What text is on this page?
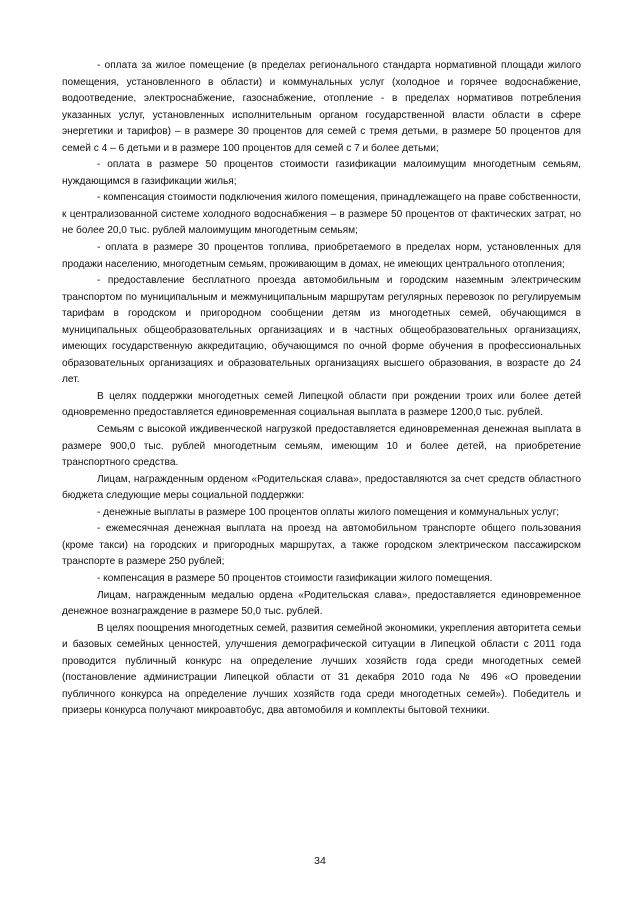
- оплата за жилое помещение (в пределах регионального стандарта нормативной площади жилого помещения, установленного в области) и коммунальных услуг (холодное и горячее водоснабжение, водоотведение, электроснабжение, газоснабжение, отопление - в пределах нормативов потребления указанных услуг, установленных исполнительным органом государственной власти области в сфере энергетики и тарифов) – в размере 30 процентов для семей с тремя детьми, в размере 50 процентов для семей с 4 – 6 детьми и в размере 100 процентов для семей с 7 и более детьми;

- оплата в размере 50 процентов стоимости газификации малоимущим многодетным семьям, нуждающимся в газификации жилья;

- компенсация стоимости подключения жилого помещения, принадлежащего на праве собственности, к централизованной системе холодного водоснабжения – в размере 50 процентов от фактических затрат, но не более 20,0 тыс. рублей малоимущим многодетным семьям;

- оплата в размере 30 процентов топлива, приобретаемого в пределах норм, установленных для продажи населению, многодетным семьям, проживающим в домах, не имеющих центрального отопления;

- предоставление бесплатного проезда автомобильным и городским наземным электрическим транспортом по муниципальным и межмуниципальным маршрутам регулярных перевозок по регулируемым тарифам в городском и пригородном сообщении детям из многодетных семей, обучающимся в муниципальных общеобразовательных организациях и в частных общеобразовательных организациях, имеющих государственную аккредитацию, обучающимся по очной форме обучения в профессиональных образовательных организациях и образовательных организациях высшего образования, в возрасте до 24 лет.

В целях поддержки многодетных семей Липецкой области при рождении троих или более детей одновременно предоставляется единовременная социальная выплата в размере 1200,0 тыс. рублей.

Семьям с высокой иждивенческой нагрузкой предоставляется единовременная денежная выплата в размере 900,0 тыс. рублей многодетным семьям, имеющим 10 и более детей, на приобретение транспортного средства.

Лицам, награжденным орденом «Родительская слава», предоставляются за счет средств областного бюджета следующие меры социальной поддержки:

- денежные выплаты в размере 100 процентов оплаты жилого помещения и коммунальных услуг;

- ежемесячная денежная выплата на проезд на автомобильном транспорте общего пользования (кроме такси) на городских и пригородных маршрутах, а также городском электрическом пассажирском транспорте в размере 250 рублей;

- компенсация в размере 50 процентов стоимости газификации жилого помещения.

Лицам, награжденным медалью ордена «Родительская слава», предоставляется единовременное денежное вознаграждение в размере 50,0 тыс. рублей.

В целях поощрения многодетных семей, развития семейной экономики, укрепления авторитета семьи и базовых семейных ценностей, улучшения демографической ситуации в Липецкой области с 2011 года проводится публичный конкурс на определение лучших хозяйств года среди многодетных семей (постановление администрации Липецкой области от 31 декабря 2010 года № 496 «О проведении публичного конкурса на определение лучших хозяйств года среди многодетных семей»). Победитель и призеры конкурса получают микроавтобус, два автомобиля и комплекты бытовой техники.

34
